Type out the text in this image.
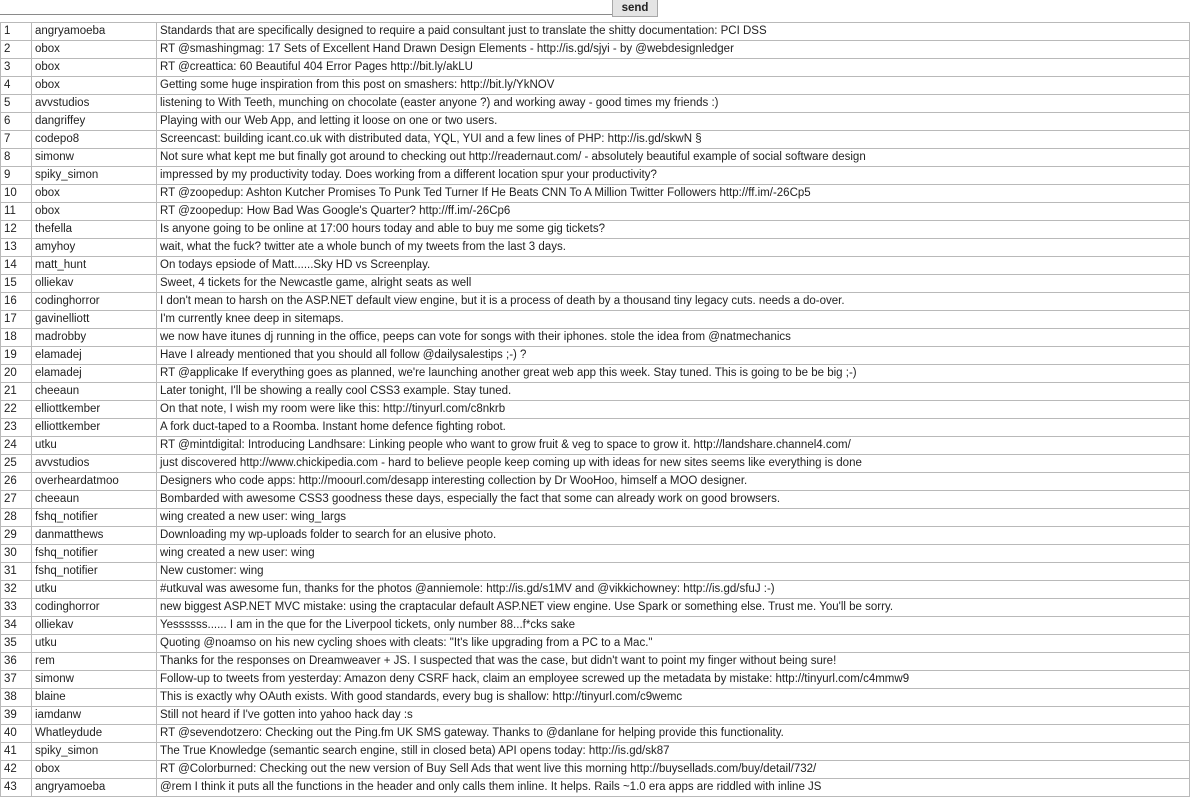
send
1	angryamoeba	Standards that are specifically designed to require a paid consultant just to translate the shitty documentation: PCI DSS
2	obox	RT @smashingmag: 17 Sets of Excellent Hand Drawn Design Elements - http://is.gd/sjyi - by @webdesignledger
3	obox	RT @creattica: 60 Beautiful 404 Error Pages http://bit.ly/akLU
4	obox	Getting some huge inspiration from this post on smashers: http://bit.ly/YkNOV
5	avvstudios	listening to With Teeth, munching on chocolate (easter anyone ?) and working away - good times my friends :)
6	dangriffey	Playing with our Web App, and letting it loose on one or two users.
7	codepo8	Screencast: building icant.co.uk with distributed data, YQL, YUI and a few lines of PHP: http://is.gd/skwN §
8	simonw	Not sure what kept me but finally got around to checking out http://readernaut.com/ - absolutely beautiful example of social software design
9	spiky_simon	impressed by my productivity today. Does working from a different location spur your productivity?
10	obox	RT @zoopedup: Ashton Kutcher Promises To Punk Ted Turner If He Beats CNN To A Million Twitter Followers http://ff.im/-26Cp5
11	obox	RT @zoopedup: How Bad Was Google's Quarter? http://ff.im/-26Cp6
12	thefella	Is anyone going to be online at 17:00 hours today and able to buy me some gig tickets?
13	amyhoy	wait, what the fuck? twitter ate a whole bunch of my tweets from the last 3 days.
14	matt_hunt	On todays epsiode of Matt......Sky HD vs Screenplay.
15	olliekav	Sweet, 4 tickets for the Newcastle game, alright seats as well
16	codinghorror	I don't mean to harsh on the ASP.NET default view engine, but it is a process of death by a thousand tiny legacy cuts. needs a do-over.
17	gavinelliott	I'm currently knee deep in sitemaps.
18	madrobby	we now have itunes dj running in the office, peeps can vote for songs with their iphones. stole the idea from @natmechanics
19	elamadej	Have I already mentioned that you should all follow @dailysalestips ;-) ?
20	elamadej	RT @applicake If everything goes as planned, we're launching another great web app this week. Stay tuned. This is going to be be big ;-)
21	cheeaun	Later tonight, I'll be showing a really cool CSS3 example. Stay tuned.
22	elliottkember	On that note, I wish my room were like this: http://tinyurl.com/c8nkrb
23	elliottkember	A fork duct-taped to a Roomba. Instant home defence fighting robot.
24	utku	RT @mintdigital: Introducing Landhsare: Linking people who want to grow fruit & veg to space to grow it. http://landshare.channel4.com/
25	avvstudios	just discovered http://www.chickipedia.com - hard to believe people keep coming up with ideas for new sites seems like everything is done
26	overheardatmoo	Designers who code apps: http://moourl.com/desapp interesting collection by Dr WooHoo, himself a MOO designer.
27	cheeaun	Bombarded with awesome CSS3 goodness these days, especially the fact that some can already work on good browsers.
28	fshq_notifier	wing created a new user: wing_largs
29	danmatthews	Downloading my wp-uploads folder to search for an elusive photo.
30	fshq_notifier	wing created a new user: wing
31	fshq_notifier	New customer: wing
32	utku	#utkuval was awesome fun, thanks for the photos @anniemole: http://is.gd/s1MV and @vikkichowney: http://is.gd/sfuJ :-)
33	codinghorror	new biggest ASP.NET MVC mistake: using the craptacular default ASP.NET view engine. Use Spark or something else. Trust me. You'll be sorry.
34	olliekav	Yessssss...... I am in the que for the Liverpool tickets, only number 88...f*cks sake
35	utku	Quoting @noamso on his new cycling shoes with cleats: "It's like upgrading from a PC to a Mac."
36	rem	Thanks for the responses on Dreamweaver + JS. I suspected that was the case, but didn't want to point my finger without being sure!
37	simonw	Follow-up to tweets from yesterday: Amazon deny CSRF hack, claim an employee screwed up the metadata by mistake: http://tinyurl.com/c4mmw9
38	blaine	This is exactly why OAuth exists. With good standards, every bug is shallow: http://tinyurl.com/c9wemc
39	iamdanw	Still not heard if I've gotten into yahoo hack day :s
40	Whatleydude	RT @sevendotzero: Checking out the Ping.fm UK SMS gateway. Thanks to @danlane for helping provide this functionality.
41	spiky_simon	The True Knowledge (semantic search engine, still in closed beta) API opens today: http://is.gd/sk87
42	obox	RT @Colorburned: Checking out the new version of Buy Sell Ads that went live this morning http://buysellads.com/buy/detail/732/
43	angryamoeba	@rem I think it puts all the functions in the header and only calls them inline. It helps. Rails ~1.0 era apps are riddled with inline JS
